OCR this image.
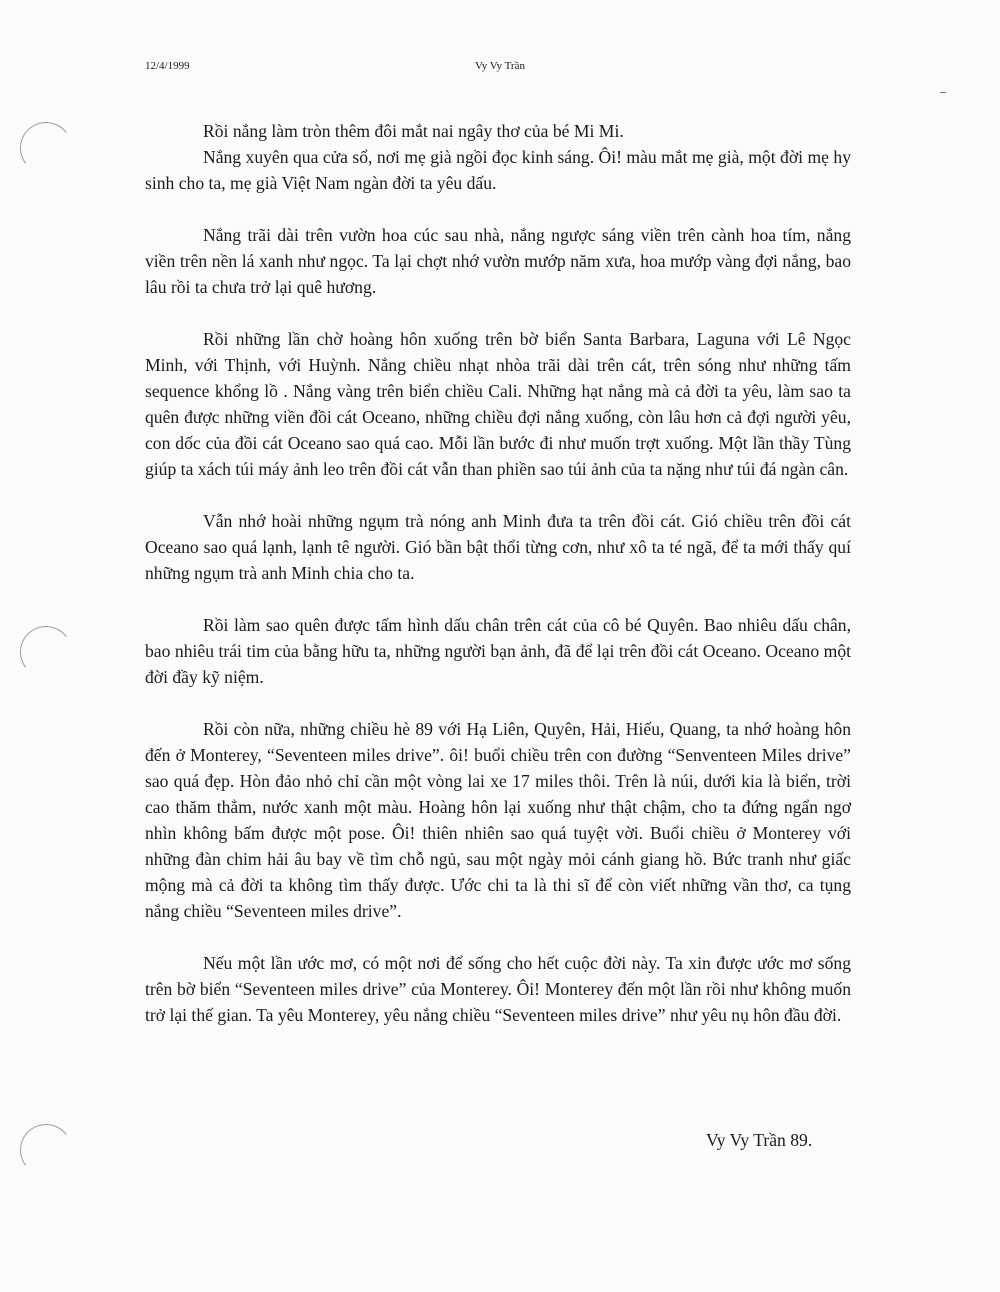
12/4/1999	Vy Vy Trần

Rồi nắng làm tròn thêm đôi mắt nai ngây thơ của bé Mi Mi.

Nắng xuyên qua cửa sổ, nơi mẹ già ngồi đọc kinh sáng. Ôi! màu mắt mẹ già, một đời mẹ hy sinh cho ta, mẹ già Việt Nam ngàn đời ta yêu dấu.

Nắng trãi dài trên vườn hoa cúc sau nhà, nắng ngược sáng viền trên cành hoa tím, nắng viền trên nền lá xanh như ngọc. Ta lại chợt nhớ vườn mướp năm xưa, hoa mướp vàng đợi nắng, bao lâu rồi ta chưa trở lại quê hương.

Rồi những lần chờ hoàng hôn xuống trên bờ biển Santa Barbara, Laguna với Lê Ngọc Minh, với Thịnh, với Huỳnh. Nắng chiều nhạt nhòa trãi dài trên cát, trên sóng như những tấm sequence khổng lồ . Nắng vàng trên biển chiều Cali. Những hạt nắng mà cả đời ta yêu, làm sao ta quên được những viền đồi cát Oceano, những chiều đợi nắng xuống, còn lâu hơn cả đợi người yêu, con dốc của đồi cát Oceano sao quá cao. Mỗi lần bước đi như muốn trợt xuống. Một lần thầy Tùng giúp ta xách túi máy ảnh leo trên đồi cát vẫn than phiền sao túi ảnh của ta nặng như túi đá ngàn cân.

Vẫn nhớ hoài những ngụm trà nóng anh Minh đưa ta trên đồi cát. Gió chiều trên đồi cát Oceano sao quá lạnh, lạnh tê người. Gió bần bật thổi từng cơn, như xô ta té ngã, để ta mới thấy quí những ngụm trà anh Minh chia cho ta.

Rồi làm sao quên được tấm hình dấu chân trên cát của cô bé Quyên. Bao nhiêu dấu chân, bao nhiêu trái tim của bằng hữu ta, những người bạn ảnh, đã để lại trên đồi cát Oceano. Oceano một đời đầy kỹ niệm.

Rồi còn nữa, những chiều hè 89 với Hạ Liên, Quyên, Hải, Hiếu, Quang, ta nhớ hoàng hôn đến ở Monterey, “Seventeen miles drive”. ôi! buổi chiều trên con đường “Senventeen Miles drive” sao quá đẹp. Hòn đảo nhỏ chỉ cần một vòng lai xe 17 miles thôi. Trên là núi, dưới kia là biển, trời cao thăm thẳm, nước xanh một màu. Hoàng hôn lại xuống như thật chậm, cho ta đứng ngẩn ngơ nhìn không bấm được một pose. Ôi! thiên nhiên sao quá tuyệt vời. Buổi chiều ở Monterey với những đàn chim hải âu bay về tìm chỗ ngủ, sau một ngày mỏi cánh giang hồ. Bức tranh như giấc mộng mà cả đời ta không tìm thấy được. Ước chi ta là thi sĩ để còn viết những vần thơ, ca tụng nắng chiều “Seventeen miles drive”.

Nếu một lần ước mơ, có một nơi để sống cho hết cuộc đời này. Ta xin được ước mơ sống trên bờ biển “Seventeen miles drive” của Monterey. Ôi! Monterey đến một lần rồi như không muốn trở lại thế gian. Ta yêu Monterey, yêu nắng chiều “Seventeen miles drive” như yêu nụ hôn đầu đời.

Vy Vy Trần 89.
